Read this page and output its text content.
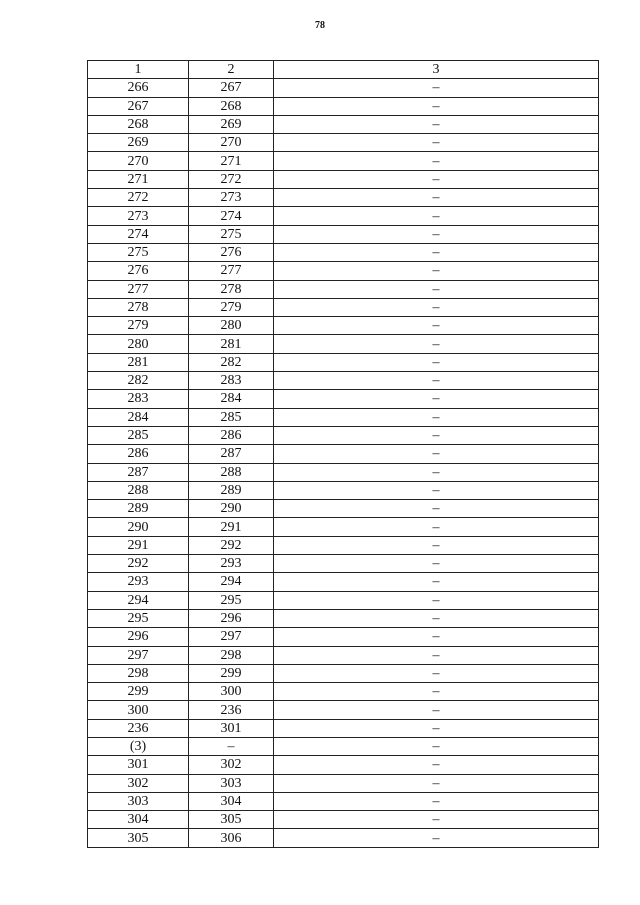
78
1	2	3
266	267	–
267	268	–
268	269	–
269	270	–
270	271	–
271	272	–
272	273	–
273	274	–
274	275	–
275	276	–
276	277	–
277	278	–
278	279	–
279	280	–
280	281	–
281	282	–
282	283	–
283	284	–
284	285	–
285	286	–
286	287	–
287	288	–
288	289	–
289	290	–
290	291	–
291	292	–
292	293	–
293	294	–
294	295	–
295	296	–
296	297	–
297	298	–
298	299	–
299	300	–
300	236	–
236	301	–
(3)	–	–
301	302	–
302	303	–
303	304	–
304	305	–
305	306	–
